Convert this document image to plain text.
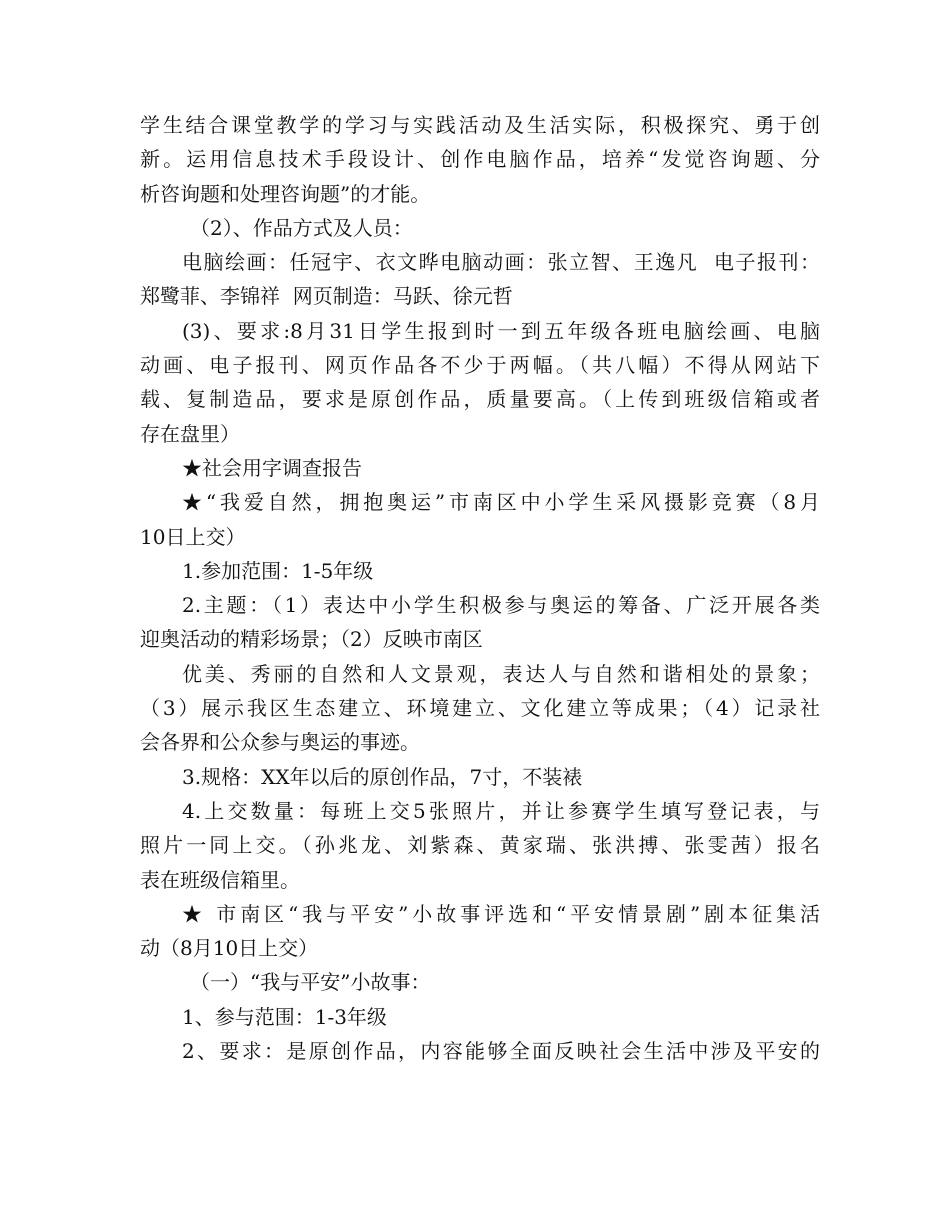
学生结合课堂教学的学习与实践活动及生活实际，积极探究、勇于创
新。运用信息技术手段设计、创作电脑作品，培养“发觉咨询题、分
析咨询题和处理咨询题”的才能。
（2）、作品方式及人员：
电脑绘画：任冠宇、衣文晔电脑动画：张立智、王逸凡  电子报刊：
郑鹭菲、李锦祥  网页制造：马跃、徐元哲
(3)、要求:8月31日学生报到时一到五年级各班电脑绘画、电脑
动画、电子报刊、网页作品各不少于两幅。（共八幅）不得从网站下
载、复制造品，要求是原创作品，质量要高。（上传到班级信箱或者
存在盘里）
★社会用字调查报告
★“我爱自然，拥抱奥运”市南区中小学生采风摄影竞赛（8月
10日上交）
1.参加范围：1-5年级
2.主题：（1）表达中小学生积极参与奥运的筹备、广泛开展各类
迎奥活动的精彩场景；（2）反映市南区
优美、秀丽的自然和人文景观，表达人与自然和谐相处的景象；
（3）展示我区生态建立、环境建立、文化建立等成果；（4）记录社
会各界和公众参与奥运的事迹。
3.规格：XX年以后的原创作品，7寸，不装裱
4.上交数量：每班上交5张照片，并让参赛学生填写登记表，与
照片一同上交。（孙兆龙、刘紫森、黄家瑞、张洪搏、张雯茜）报名
表在班级信箱里。
★ 市南区“我与平安”小故事评选和“平安情景剧”剧本征集活
动（8月10日上交）
（一）“我与平安”小故事：
1、参与范围：1-3年级
2、要求：是原创作品，内容能够全面反映社会生活中涉及平安的
